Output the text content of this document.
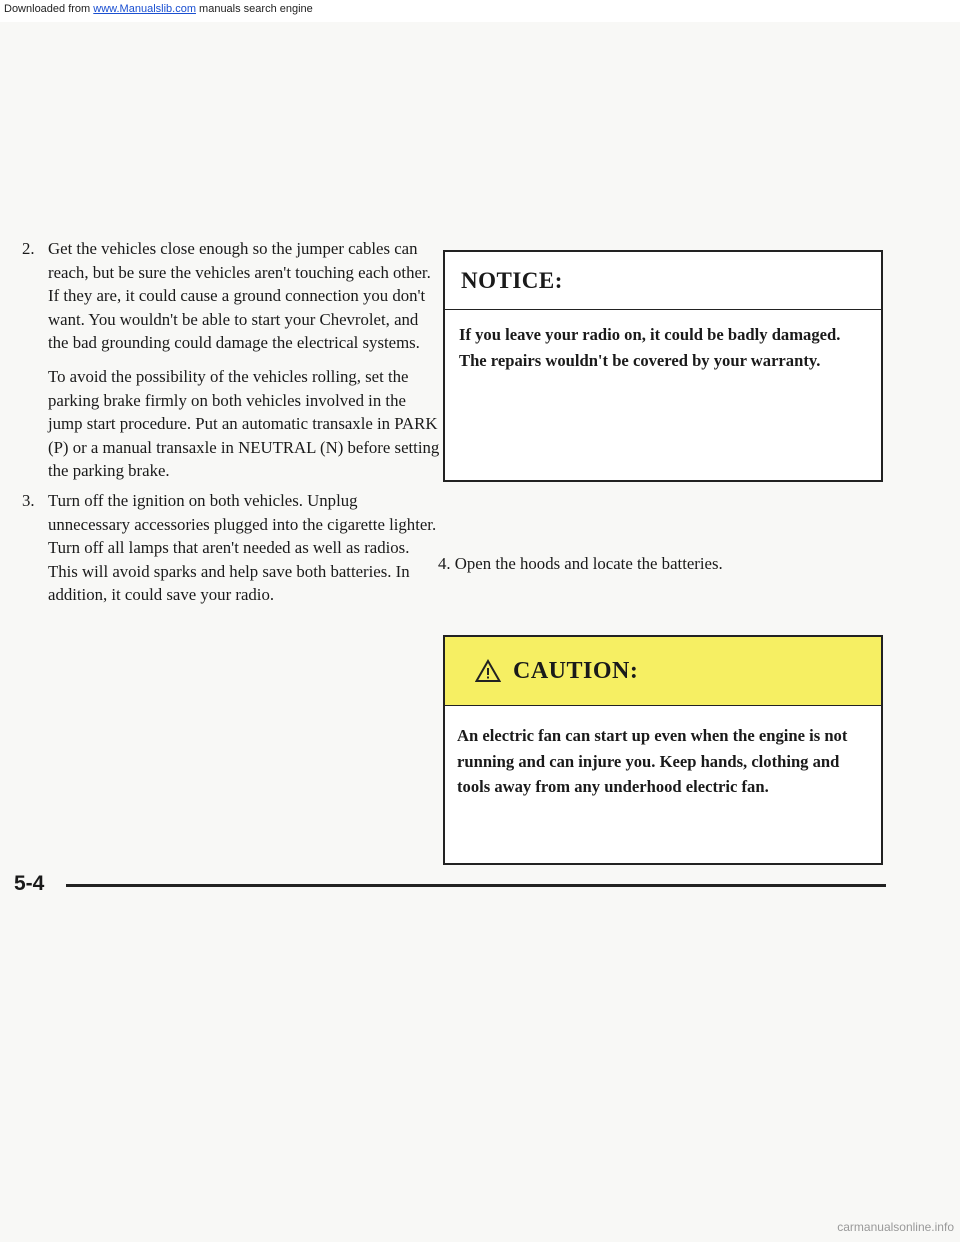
2. Get the vehicles close enough so the jumper cables can reach, but be sure the vehicles aren't touching each other. If they are, it could cause a ground connection you don't want. You wouldn't be able to start your Chevrolet, and the bad grounding could damage the electrical systems.
To avoid the possibility of the vehicles rolling, set the parking brake firmly on both vehicles involved in the jump start procedure. Put an automatic transaxle in PARK (P) or a manual transaxle in NEUTRAL (N) before setting the parking brake.
3. Turn off the ignition on both vehicles. Unplug unnecessary accessories plugged into the cigarette lighter. Turn off all lamps that aren't needed as well as radios. This will avoid sparks and help save both batteries. In addition, it could save your radio.
NOTICE:
If you leave your radio on, it could be badly damaged. The repairs wouldn't be covered by your warranty.
4. Open the hoods and locate the batteries.
CAUTION:
An electric fan can start up even when the engine is not running and can injure you. Keep hands, clothing and tools away from any underhood electric fan.
5-4
Downloaded from www.Manualslib.com manuals search engine
carmanualsonline.info
